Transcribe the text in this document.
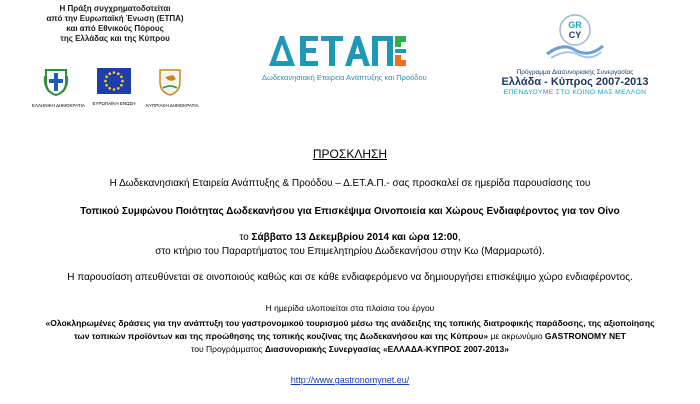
Η Πράξη συγχρηματοδοτείται
από την Ευρωπαϊκή Ένωση (ΕΤΠΑ)
και από Εθνικούς Πόρους
της Ελλάδας και της Κύπρου
ΕΛΛΗΝΙΚΗ ΔΗΜΟΚΡΑΤΙΑ	ΕΥΡΩΠΑΪΚΗ ΕΝΩΣΗ	ΚΥΠΡΙΑΚΗ ΔΗΜΟΚΡΑΤΙΑ
Δωδεκανησιακή Εταιρεία Ανάπτυξης και Προόδου
GR
CY
Πρόγραμμα Διασυνοριακής Συνεργασίας
Ελλάδα - Κύπρος 2007-2013
ΕΠΕΝΔΥΟΥΜΕ ΣΤΟ ΚΟΙΝΟ ΜΑΣ ΜΕΛΛΟΝ
ΠΡΟΣΚΛΗΣΗ
Η Δωδεκανησιακή Εταιρεία Ανάπτυξης & Προόδου – Δ.ΕΤ.Α.Π.- σας προσκαλεί σε ημερίδα παρουσίασης του
Τοπικού Συμφώνου Ποιότητας Δωδεκανήσου για Επισκέψιμα Οινοποιεία και Χώρους Ενδιαφέροντος για τον Οίνο
το Σάββατο 13 Δεκεμβρίου 2014 και ώρα 12:00,
στο κτήριο του Παραρτήματος του Επιμελητηρίου Δωδεκανήσου στην Κω (Μαρμαρωτό).
Η παρουσίαση απευθύνεται σε οινοποιούς καθώς και σε κάθε ενδιαφερόμενο να δημιουργήσει επισκέψιμο χώρο ενδιαφέροντος.
Η ημερίδα υλοποιείται στα πλαίσια του έργου
«Ολοκληρωμένες δράσεις για την ανάπτυξη του γαστρονομικού τουρισμού μέσω της ανάδειξης της τοπικής διατροφικής παράδοσης, της αξιοποίησης
των τοπικών προϊόντων και της προώθησης της τοπικής κουζίνας της Δωδεκανήσου και της Κύπρου» με ακρωνύμιο GASTRONOMY NET
του Προγράμματος Διασυνοριακής Συνεργασίας «ΕΛΛΑΔΑ-ΚΥΠΡΟΣ 2007-2013»
http://www.gastronomynet.eu/
